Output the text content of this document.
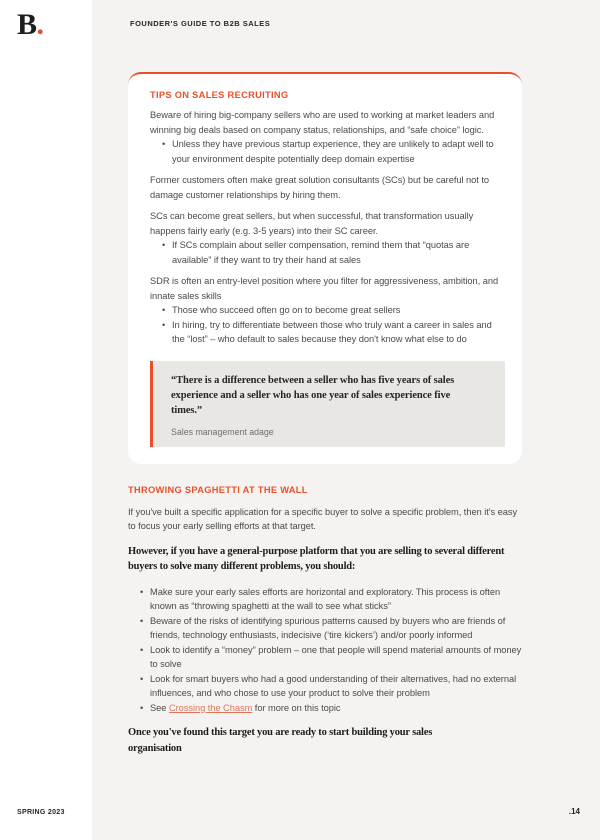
B.	FOUNDER'S GUIDE TO B2B SALES
TIPS ON SALES RECRUITING

Beware of hiring big-company sellers who are used to working at market leaders and winning big deals based on company status, relationships, and “safe choice” logic.

• Unless they have previous startup experience, they are unlikely to adapt well to your environment despite potentially deep domain expertise

Former customers often make great solution consultants (SCs) but be careful not to damage customer relationships by hiring them.

SCs can become great sellers, but when successful, that transformation usually happens fairly early (e.g. 3-5 years) into their SC career.

• If SCs complain about seller compensation, remind them that “quotas are available” if they want to try their hand at sales

SDR is often an entry-level position where you filter for aggressiveness, ambition, and innate sales skills

• Those who succeed often go on to become great sellers
• In hiring, try to differentiate between those who truly want a career in sales and the “lost” – who default to sales because they don't know what else to do

“There is a difference between a seller who has five years of sales experience and a seller who has one year of sales experience five times.”

Sales management adage
THROWING SPAGHETTI AT THE WALL

If you've built a specific application for a specific buyer to solve a specific problem, then it's easy to focus your early selling efforts at that target.

However, if you have a general-purpose platform that you are selling to several different buyers to solve many different problems, you should:

• Make sure your early sales efforts are horizontal and exploratory. This process is often known as “throwing spaghetti at the wall to see what sticks”
• Beware of the risks of identifying spurious patterns caused by buyers who are friends of friends, technology enthusiasts, indecisive (‘tire kickers’) and/or poorly informed
• Look to identify a “money” problem – one that people will spend material amounts of money to solve
• Look for smart buyers who had a good understanding of their alternatives, had no external influences, and who chose to use your product to solve their problem
• See Crossing the Chasm for more on this topic

Once you've found this target you are ready to start building your sales organisation

SPRING 2023	.14
